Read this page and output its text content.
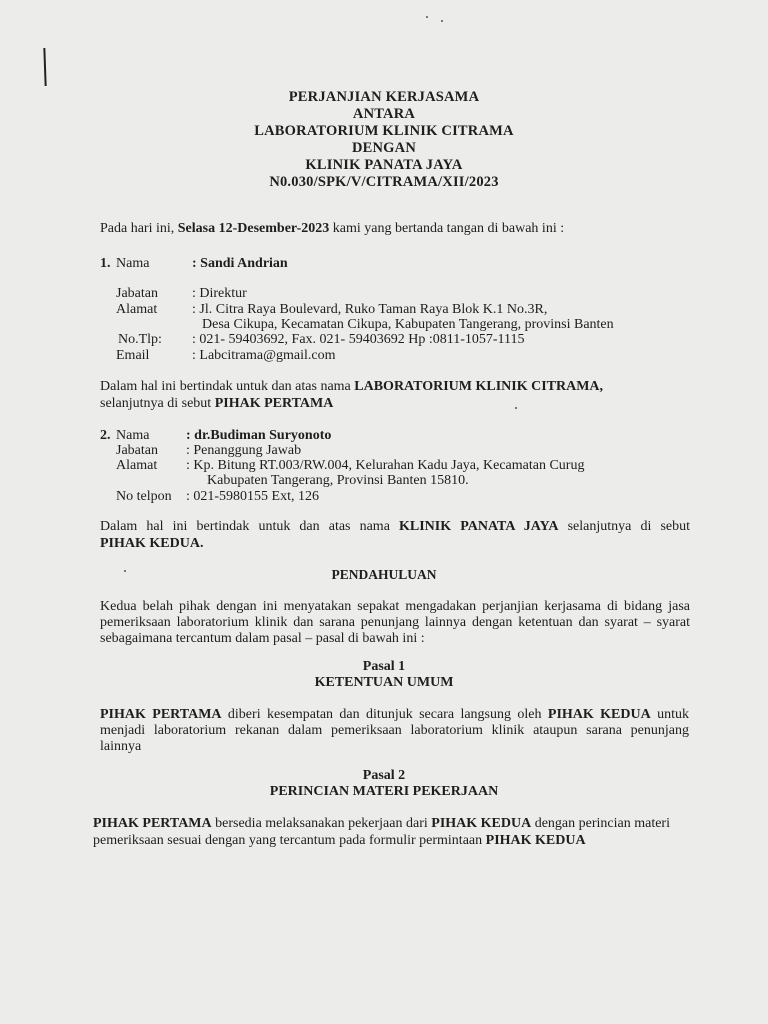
PERJANJIAN KERJASAMA
ANTARA
LABORATORIUM KLINIK CITRAMA
DENGAN
KLINIK PANATA JAYA
N0.030/SPK/V/CITRAMA/XII/2023
Pada hari ini, Selasa 12-Desember-2023 kami yang bertanda tangan di bawah ini :
1. Nama	: Sandi Andrian
Jabatan : Direktur
Alamat : Jl. Citra Raya Boulevard, Ruko Taman Raya Blok K.1 No.3R,
Desa Cikupa, Kecamatan Cikupa, Kabupaten Tangerang, provinsi Banten
No.Tlp: : 021- 59403692, Fax. 021- 59403692 Hp :0811-1057-1115
Email	: Labcitrama@gmail.com
Dalam hal ini bertindak untuk dan atas nama LABORATORIUM KLINIK CITRAMA,
selanjutnya di sebut PIHAK PERTAMA
2. Nama	: dr.Budiman Suryonoto
Jabatan : Penanggung Jawab
Alamat : Kp. Bitung RT.003/RW.004, Kelurahan Kadu Jaya, Kecamatan Curug
Kabupaten Tangerang, Provinsi Banten 15810.
No telpon : 021-5980155 Ext, 126
Dalam hal ini bertindak untuk dan atas nama KLINIK PANATA JAYA selanjutnya di sebut
PIHAK KEDUA.
PENDAHULUAN
Kedua belah pihak dengan ini menyatakan sepakat mengadakan perjanjian kerjasama di bidang jasa
pemeriksaan laboratorium klinik dan sarana penunjang lainnya dengan ketentuan dan syarat – syarat
sebagaimana tercantum dalam pasal – pasal di bawah ini :
Pasal 1
KETENTUAN UMUM
PIHAK PERTAMA diberi kesempatan dan ditunjuk secara langsung oleh PIHAK KEDUA untuk
menjadi laboratorium rekanan dalam pemeriksaan laboratorium klinik ataupun sarana penunjang
lainnya
Pasal 2
PERINCIAN MATERI PEKERJAAN
PIHAK PERTAMA bersedia melaksanakan pekerjaan dari PIHAK KEDUA dengan perincian materi
pemeriksaan sesuai dengan yang tercantum pada formulir permintaan PIHAK KEDUA
